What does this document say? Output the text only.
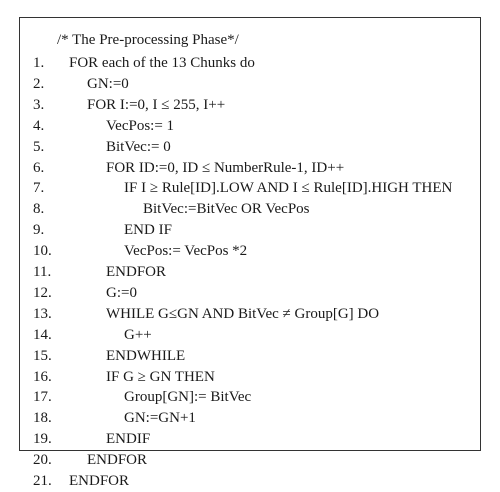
/* The Pre-processing Phase*/
1.	FOR each of the 13 Chunks do
2.	GN:=0
3.	FOR I:=0, I ≤ 255, I++
4.	VecPos:= 1
5.	BitVec:= 0
6.	FOR ID:=0, ID ≤ NumberRule-1, ID++
7.	IF I ≥ Rule[ID].LOW AND I ≤ Rule[ID].HIGH THEN
8.	BitVec:=BitVec OR VecPos
9.	END IF
10.	VecPos:= VecPos *2
11.	ENDFOR
12.	G:=0
13.	WHILE G≤GN AND BitVec ≠ Group[G] DO
14.	G++
15.	ENDWHILE
16.	IF G ≥ GN THEN
17.	Group[GN]:= BitVec
18.	GN:=GN+1
19.	ENDIF
20.	ENDFOR
21.	ENDFOR
